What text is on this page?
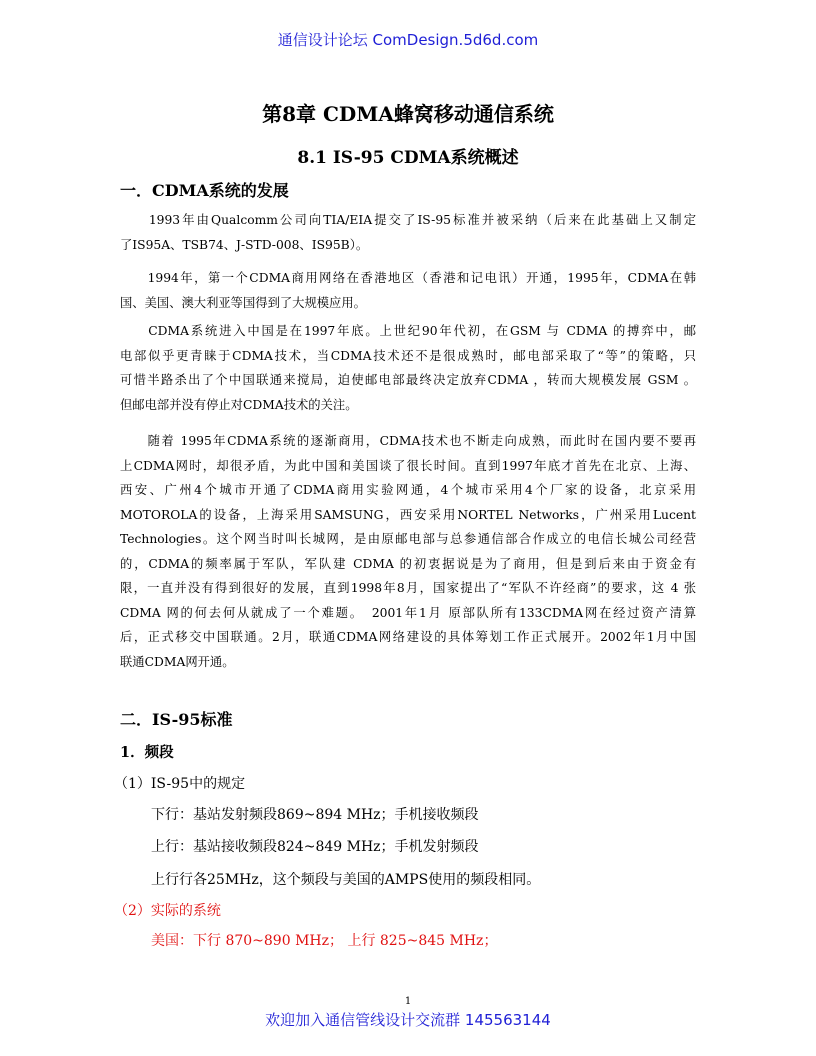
通信设计论坛 ComDesign.5d6d.com
第8章 CDMA蜂窝移动通信系统
8.1 IS-95 CDMA系统概述
一．CDMA系统的发展
　　1993年由Qualcomm公司向TIA/EIA提交了IS-95标准并被采纳（后来在此基础上又制定
了IS95A、TSB74、J-STD-008、IS95B）。
　　1994年，第一个CDMA商用网络在香港地区（香港和记电讯）开通，1995年，CDMA在韩
国、美国、澳大利亚等国得到了大规模应用。
　　CDMA系统进入中国是在1997年底。上世纪90年代初，在GSM 与 CDMA 的搏弈中，邮
电部似乎更青睐于CDMA技术，当CDMA技术还不是很成熟时，邮电部采取了“等”的策略，只
可惜半路杀出了个中国联通来搅局，迫使邮电部最终决定放弃CDMA ，转而大规模发展 GSM 。
但邮电部并没有停止对CDMA技术的关注。
　　随着 1995年CDMA系统的逐渐商用，CDMA技术也不断走向成熟，而此时在国内要不要再
上CDMA网时，却很矛盾，为此中国和美国谈了很长时间。直到1997年底才首先在北京、上海、
西安、广州4个城市开通了CDMA商用实验网通，4个城市采用4个厂家的设备，北京采用
MOTOROLA的设备，上海采用SAMSUNG，西安采用NORTEL Networks，广州采用Lucent
Technologies。这个网当时叫长城网，是由原邮电部与总参通信部合作成立的电信长城公司经营
的，CDMA的频率属于军队，军队建 CDMA 的初衷据说是为了商用，但是到后来由于资金有
限，一直并没有得到很好的发展，直到1998年8月，国家提出了“军队不许经商”的要求，这 4 张
CDMA 网的何去何从就成了一个难题。　2001年1月 原部队所有133CDMA网在经过资产清算
后，正式移交中国联通。2月，联通CDMA网络建设的具体筹划工作正式展开。2002年1月中国
联通CDMA网开通。
二．IS-95标准
1．频段
（1）IS-95中的规定
下行：基站发射频段869~894 MHz；手机接收频段
上行：基站接收频段824~849 MHz；手机发射频段
上行行各25MHz，这个频段与美国的AMPS使用的频段相同。
（2）实际的系统
美国：下行 870~890 MHz； 上行 825~845 MHz；
1
欢迎加入通信管线设计交流群 145563144
